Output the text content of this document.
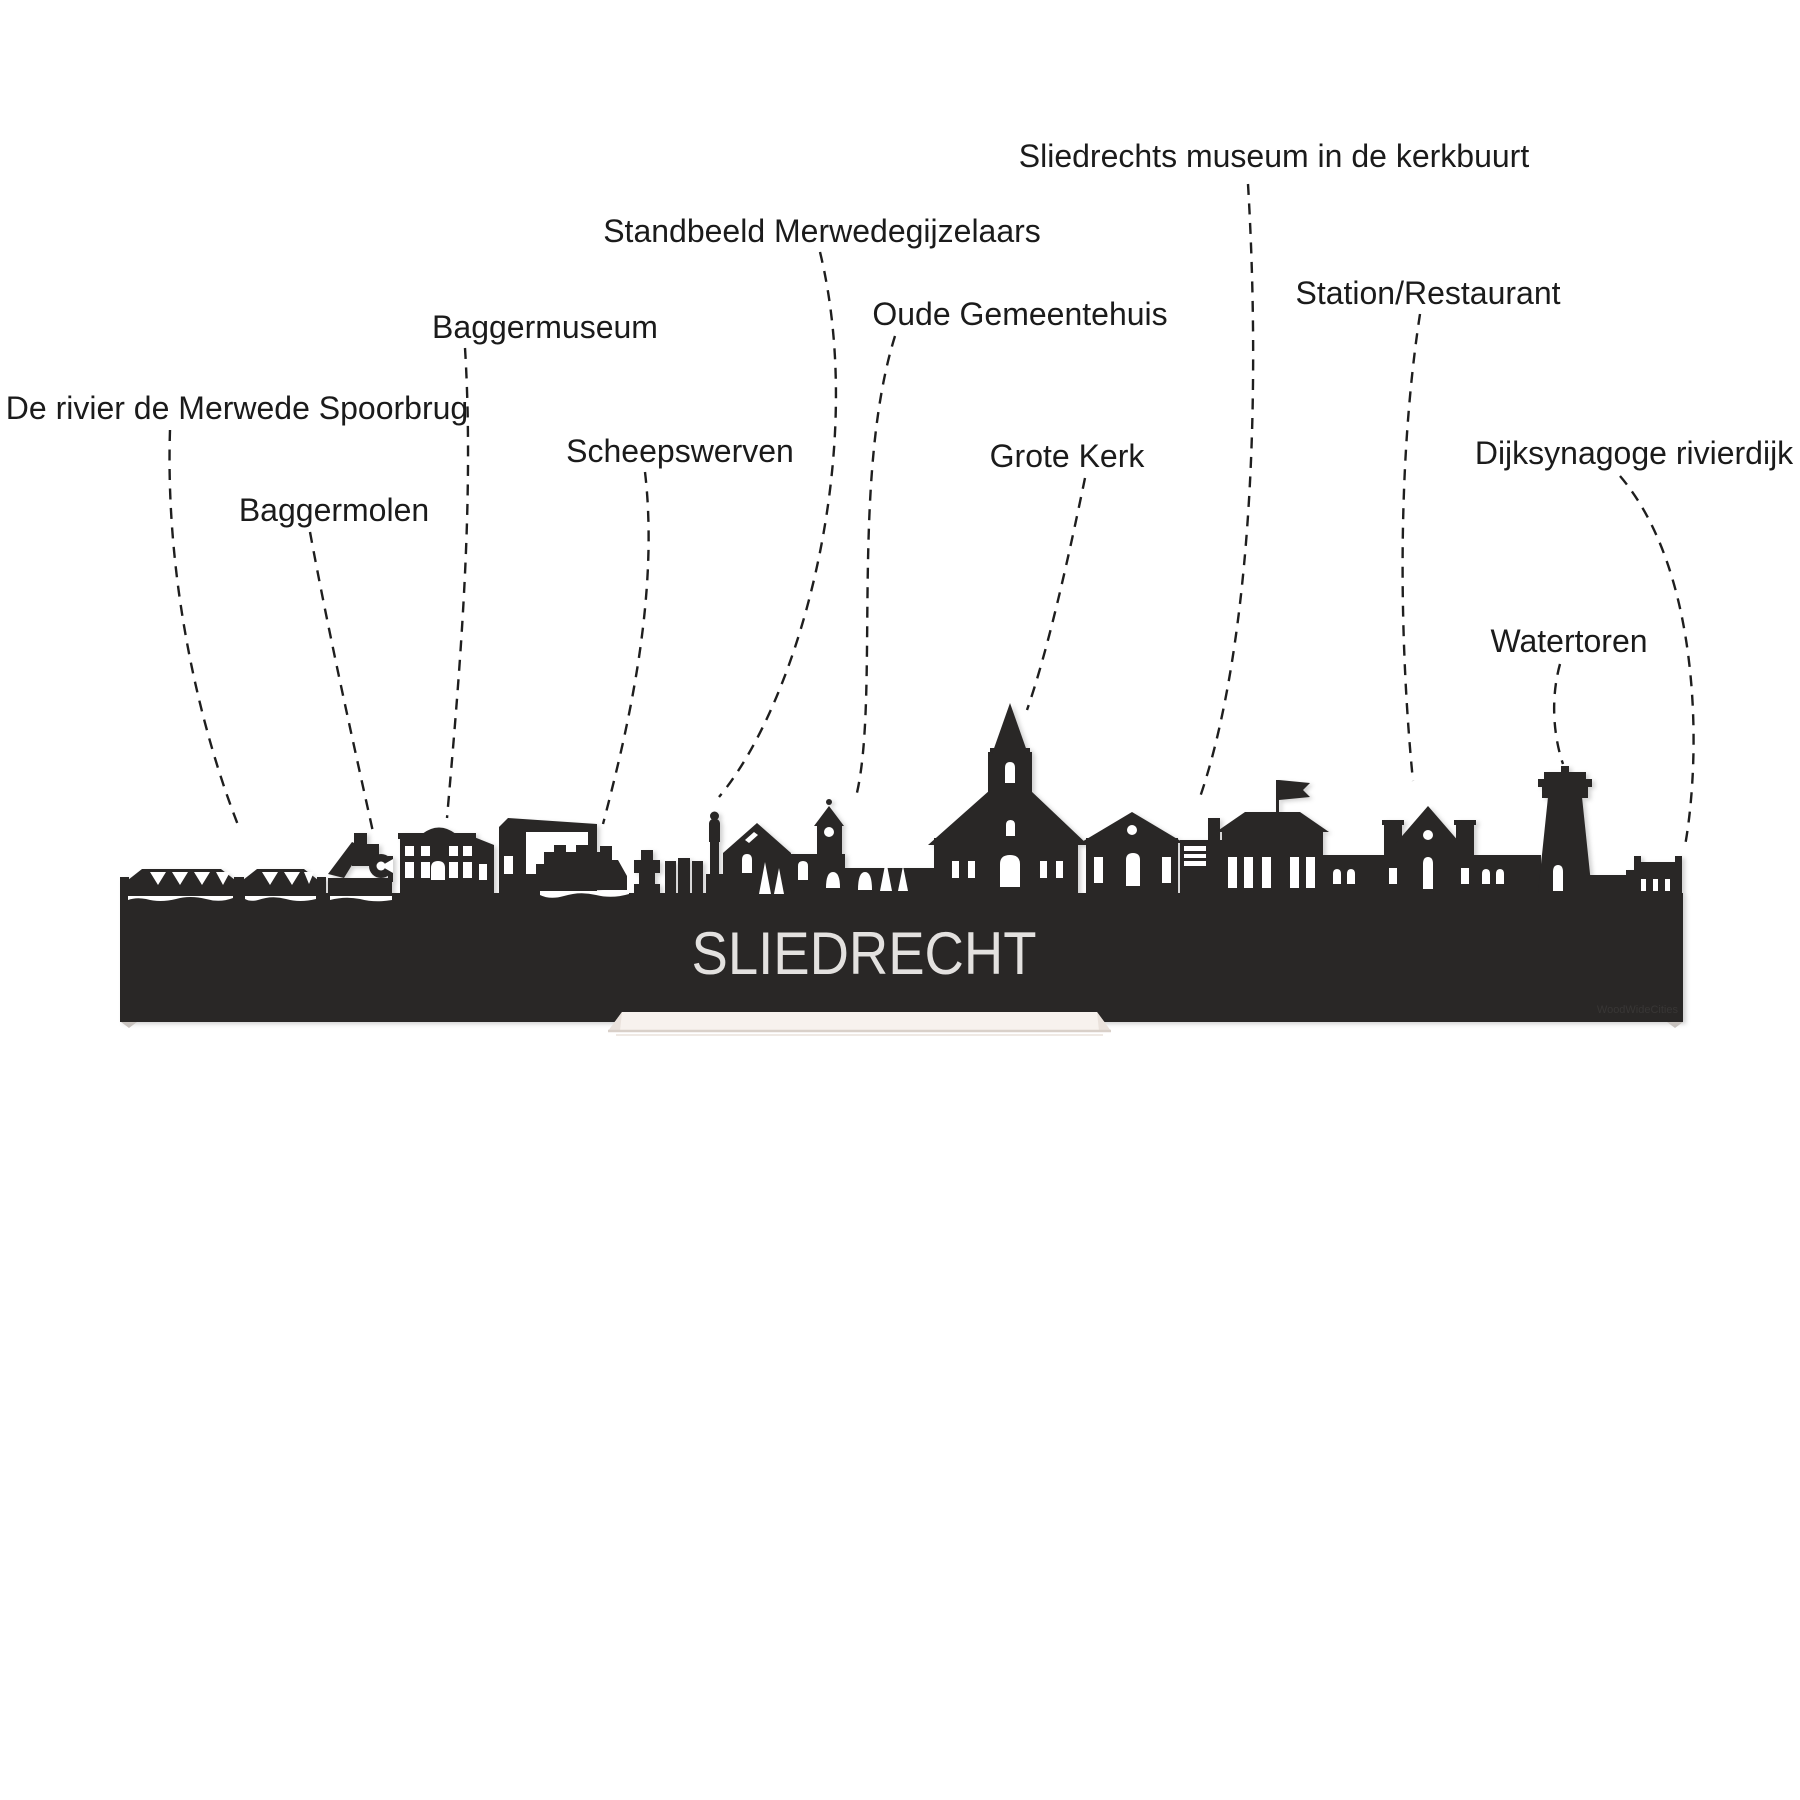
SLIEDRECHT
WoodWideCities
De rivier de Merwede Spoorbrug
Baggermolen
Baggermuseum
Scheepswerven
Standbeeld Merwedegijzelaars
Oude Gemeentehuis
Grote Kerk
Sliedrechts museum in de kerkbuurt
Station/Restaurant
Watertoren
Dijksynagoge rivierdijk
